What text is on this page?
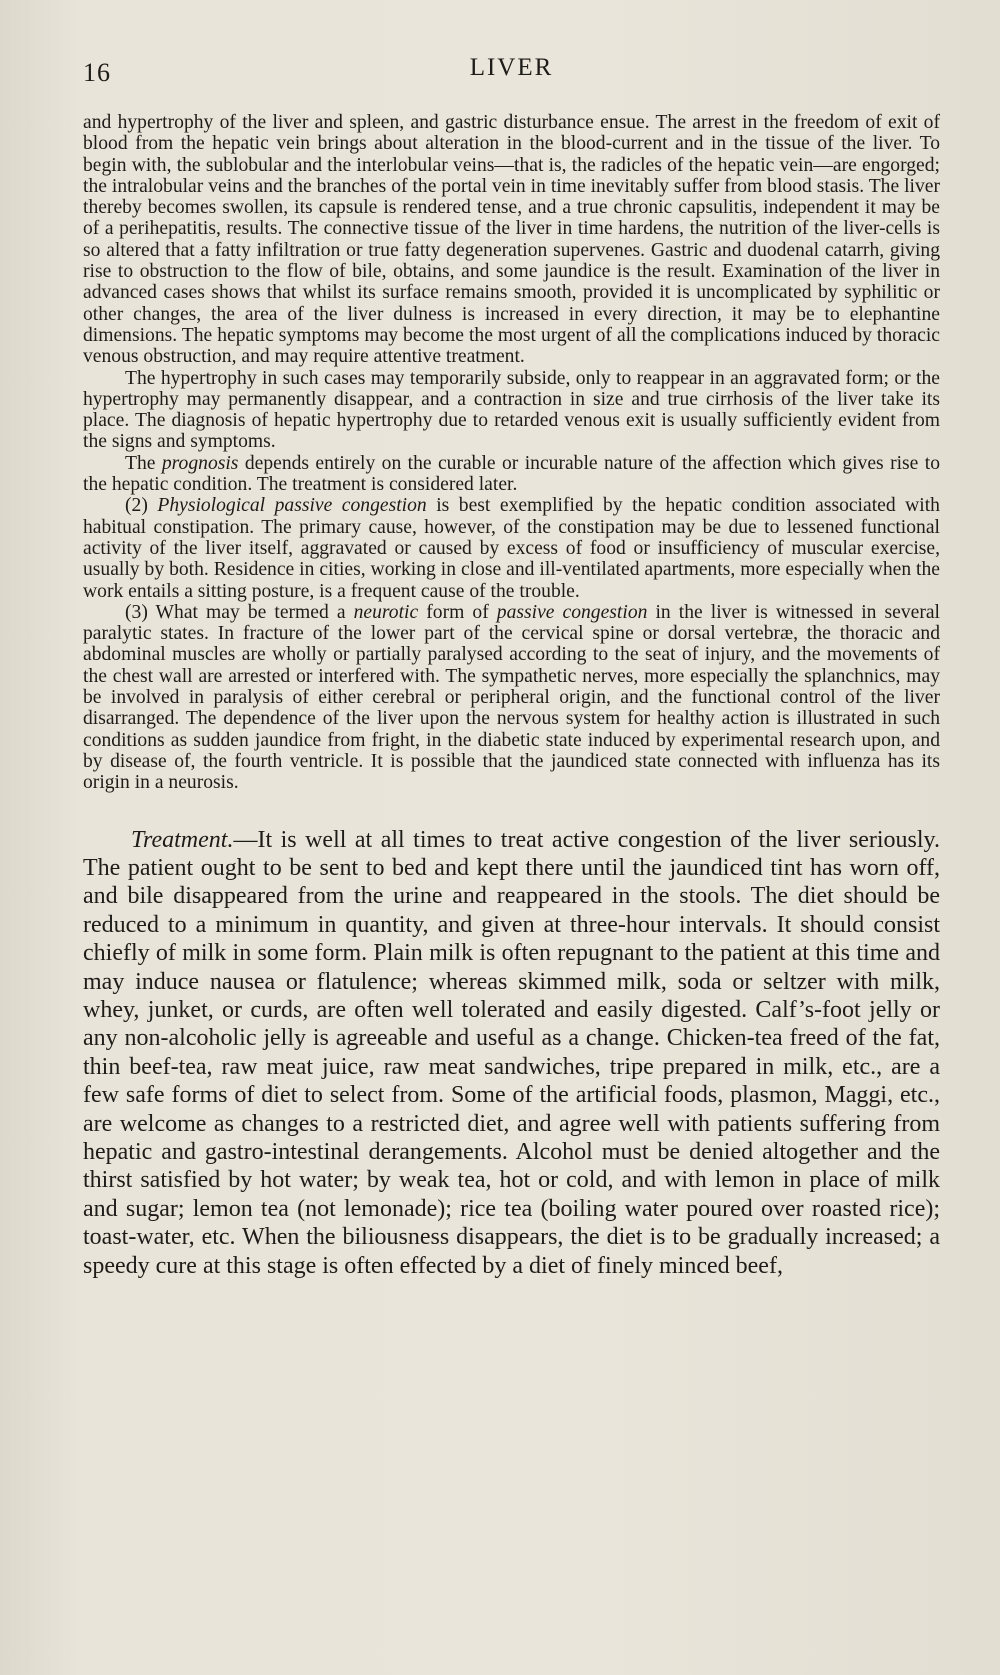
16	LIVER

and hypertrophy of the liver and spleen, and gastric disturbance ensue. The arrest in the freedom of exit of blood from the hepatic vein brings about alteration in the blood-current and in the tissue of the liver. To begin with, the sublobular and the interlobular veins—that is, the radicles of the hepatic vein—are engorged; the intralobular veins and the branches of the portal vein in time inevitably suffer from blood stasis. The liver thereby becomes swollen, its capsule is rendered tense, and a true chronic capsulitis, independent it may be of a perihepatitis, results. The connective tissue of the liver in time hardens, the nutrition of the liver-cells is so altered that a fatty infiltration or true fatty degeneration supervenes. Gastric and duodenal catarrh, giving rise to obstruction to the flow of bile, obtains, and some jaundice is the result. Examination of the liver in advanced cases shows that whilst its surface remains smooth, provided it is uncomplicated by syphilitic or other changes, the area of the liver dulness is increased in every direction, it may be to elephantine dimensions. The hepatic symptoms may become the most urgent of all the complications induced by thoracic venous obstruction, and may require attentive treatment.

The hypertrophy in such cases may temporarily subside, only to reappear in an aggravated form; or the hypertrophy may permanently disappear, and a contraction in size and true cirrhosis of the liver take its place. The diagnosis of hepatic hypertrophy due to retarded venous exit is usually sufficiently evident from the signs and symptoms.

The prognosis depends entirely on the curable or incurable nature of the affection which gives rise to the hepatic condition. The treatment is considered later.

(2) Physiological passive congestion is best exemplified by the hepatic condition associated with habitual constipation. The primary cause, however, of the constipation may be due to lessened functional activity of the liver itself, aggravated or caused by excess of food or insufficiency of muscular exercise, usually by both. Residence in cities, working in close and ill-ventilated apartments, more especially when the work entails a sitting posture, is a frequent cause of the trouble.

(3) What may be termed a neurotic form of passive congestion in the liver is witnessed in several paralytic states. In fracture of the lower part of the cervical spine or dorsal vertebræ, the thoracic and abdominal muscles are wholly or partially paralysed according to the seat of injury, and the movements of the chest wall are arrested or interfered with. The sympathetic nerves, more especially the splanchnics, may be involved in paralysis of either cerebral or peripheral origin, and the functional control of the liver disarranged. The dependence of the liver upon the nervous system for healthy action is illustrated in such conditions as sudden jaundice from fright, in the diabetic state induced by experimental research upon, and by disease of, the fourth ventricle. It is possible that the jaundiced state connected with influenza has its origin in a neurosis.

Treatment.—It is well at all times to treat active congestion of the liver seriously. The patient ought to be sent to bed and kept there until the jaundiced tint has worn off, and bile disappeared from the urine and reappeared in the stools. The diet should be reduced to a minimum in quantity, and given at three-hour intervals. It should consist chiefly of milk in some form. Plain milk is often repugnant to the patient at this time and may induce nausea or flatulence; whereas skimmed milk, soda or seltzer with milk, whey, junket, or curds, are often well tolerated and easily digested. Calf’s-foot jelly or any non-alcoholic jelly is agreeable and useful as a change. Chicken-tea freed of the fat, thin beef-tea, raw meat juice, raw meat sandwiches, tripe prepared in milk, etc., are a few safe forms of diet to select from. Some of the artificial foods, plasmon, Maggi, etc., are welcome as changes to a restricted diet, and agree well with patients suffering from hepatic and gastro-intestinal derangements. Alcohol must be denied altogether and the thirst satisfied by hot water; by weak tea, hot or cold, and with lemon in place of milk and sugar; lemon tea (not lemonade); rice tea (boiling water poured over roasted rice); toast-water, etc. When the biliousness disappears, the diet is to be gradually increased; a speedy cure at this stage is often effected by a diet of finely minced beef,
